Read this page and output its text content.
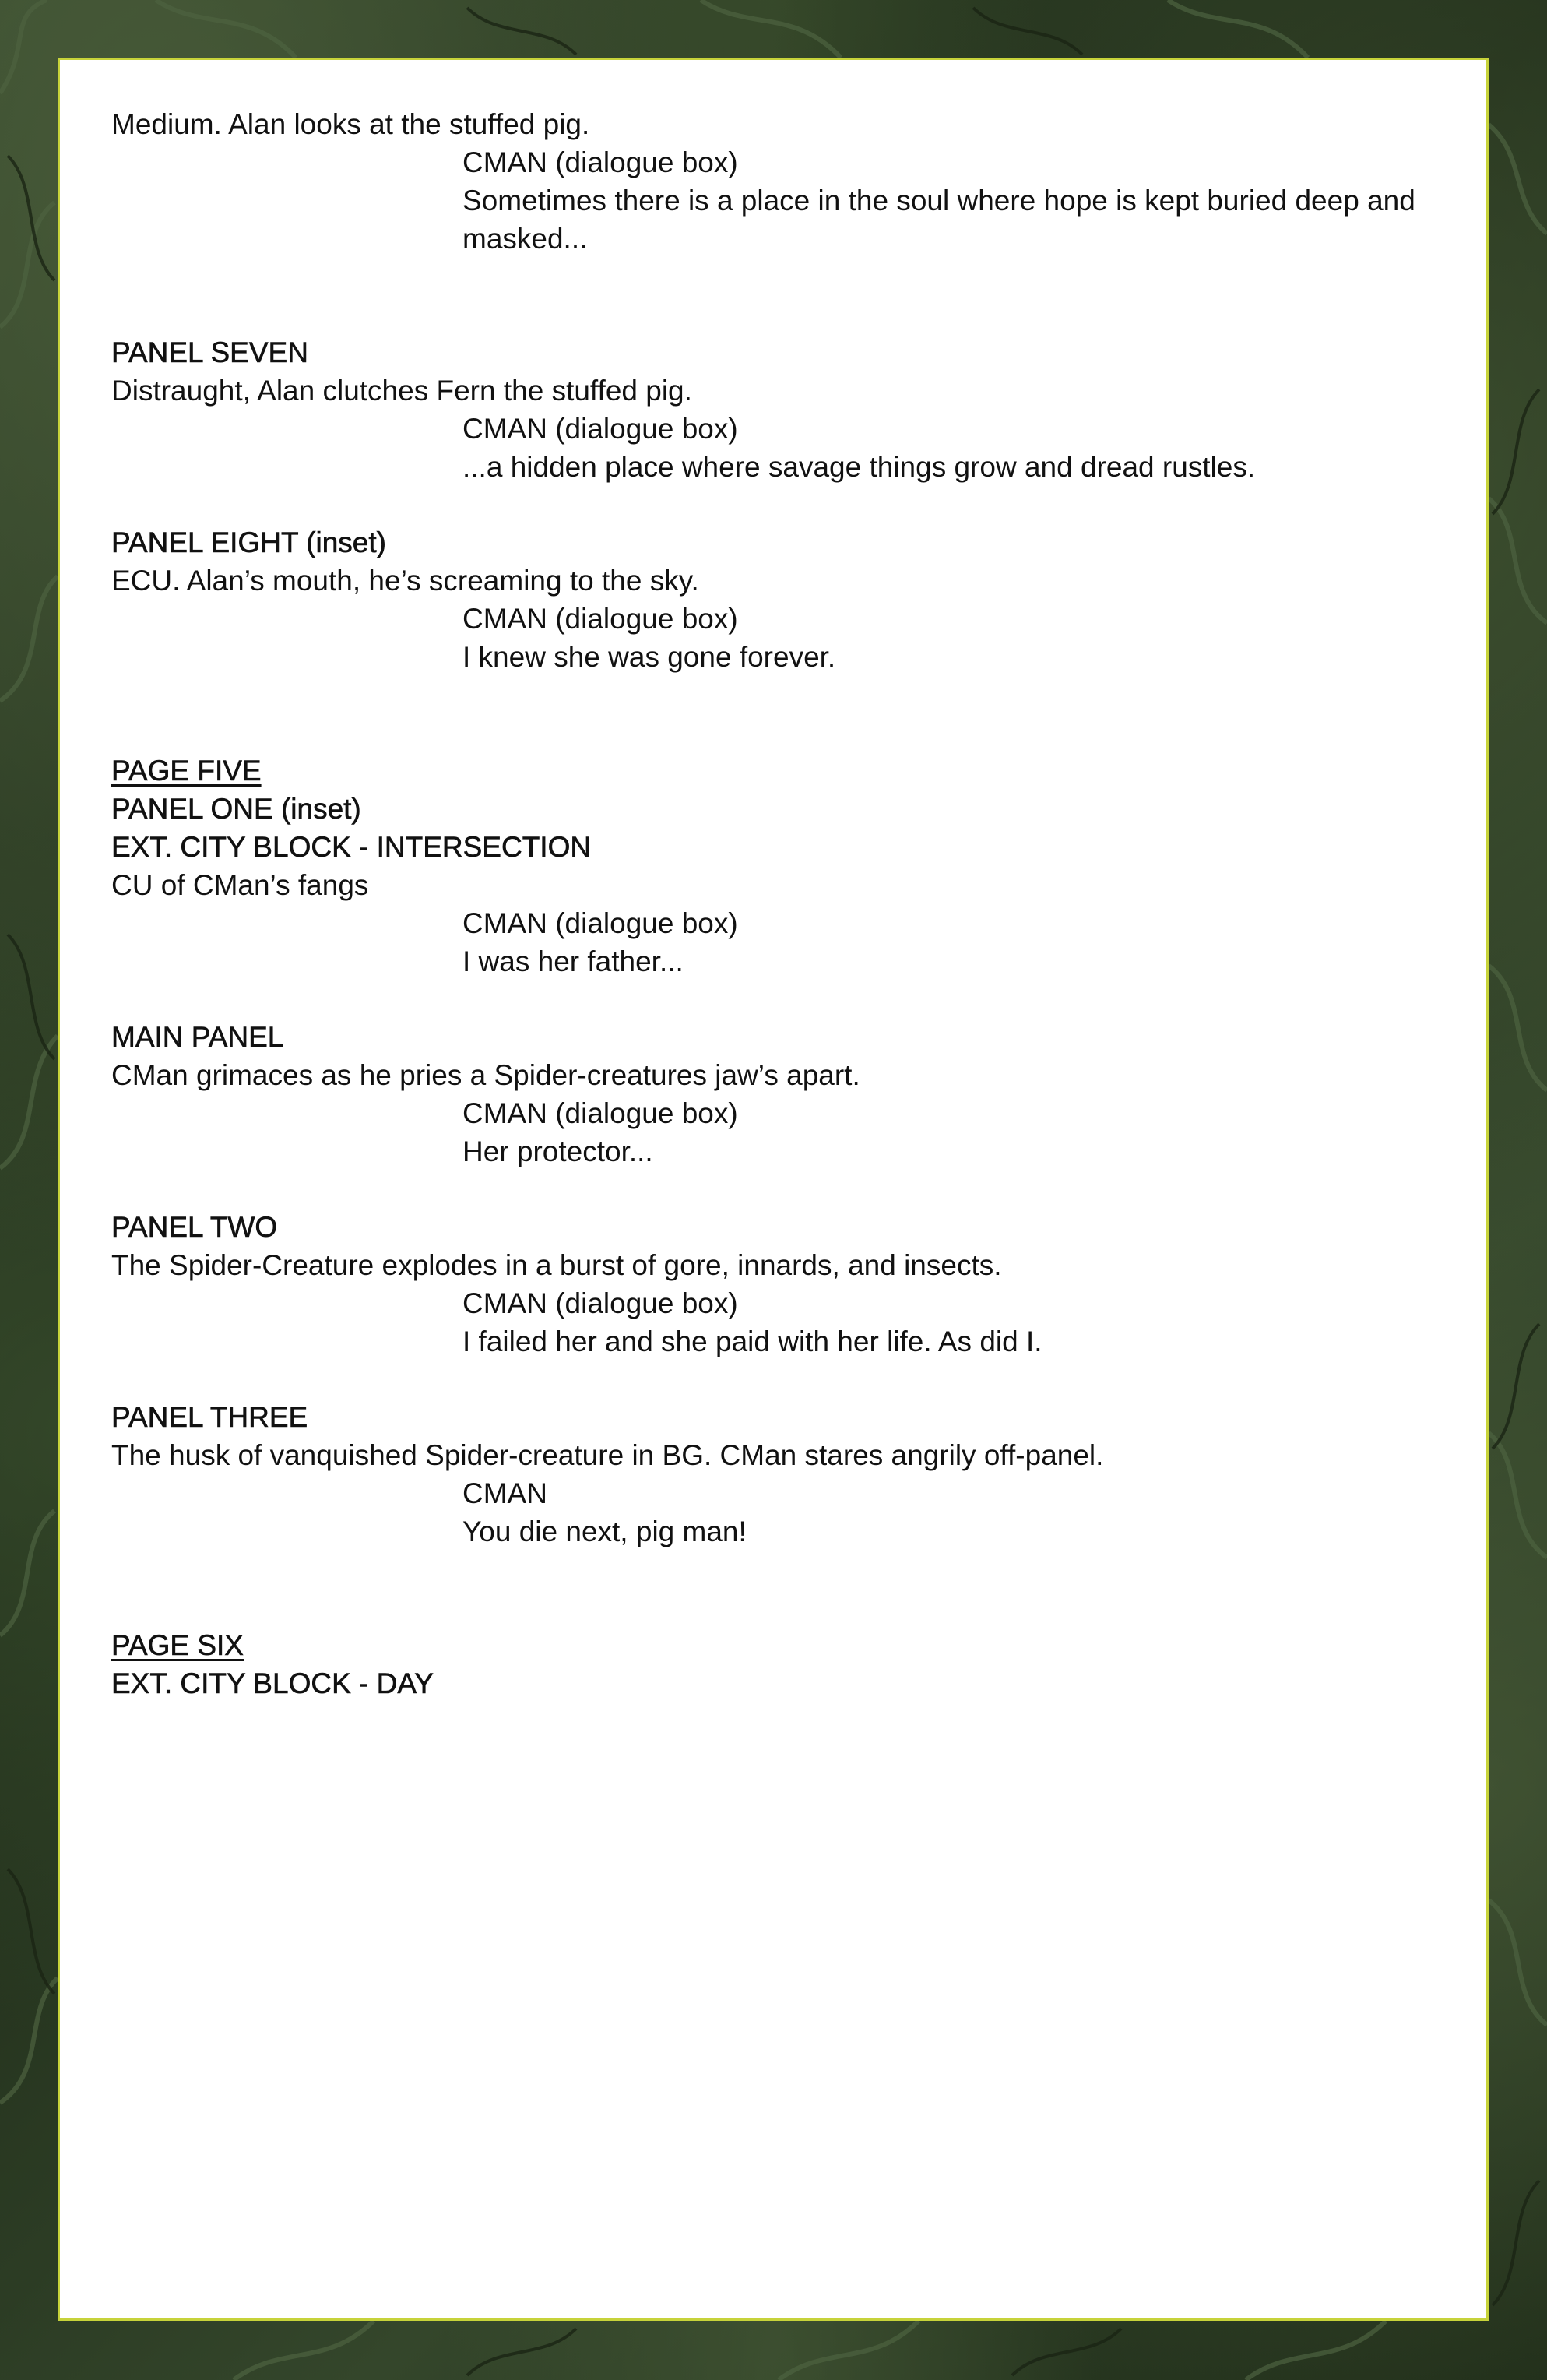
Medium. Alan looks at the stuffed pig.

CMAN (dialogue box)
Sometimes there is a place in the soul where hope is kept buried deep and masked...

PANEL SEVEN

Distraught, Alan clutches Fern the stuffed pig.

CMAN (dialogue box)
...a hidden place where savage things grow and dread rustles.

PANEL EIGHT (inset)

ECU. Alan’s mouth, he’s screaming to the sky.

CMAN (dialogue box)
I knew she was gone forever.

PAGE FIVE

PANEL ONE (inset)

EXT. CITY BLOCK - INTERSECTION

CU of CMan’s fangs

CMAN (dialogue box)
I was her father...

MAIN PANEL

CMan grimaces as he pries a Spider-creatures jaw’s apart.

CMAN (dialogue box)
Her protector...

PANEL TWO

The Spider-Creature explodes in a burst of gore, innards, and insects.

CMAN (dialogue box)
I failed her and she paid with her life. As did I.

PANEL THREE

The husk of vanquished Spider-creature in BG. CMan stares angrily off-panel.

CMAN
You die next, pig man!

PAGE SIX

EXT. CITY BLOCK - DAY
